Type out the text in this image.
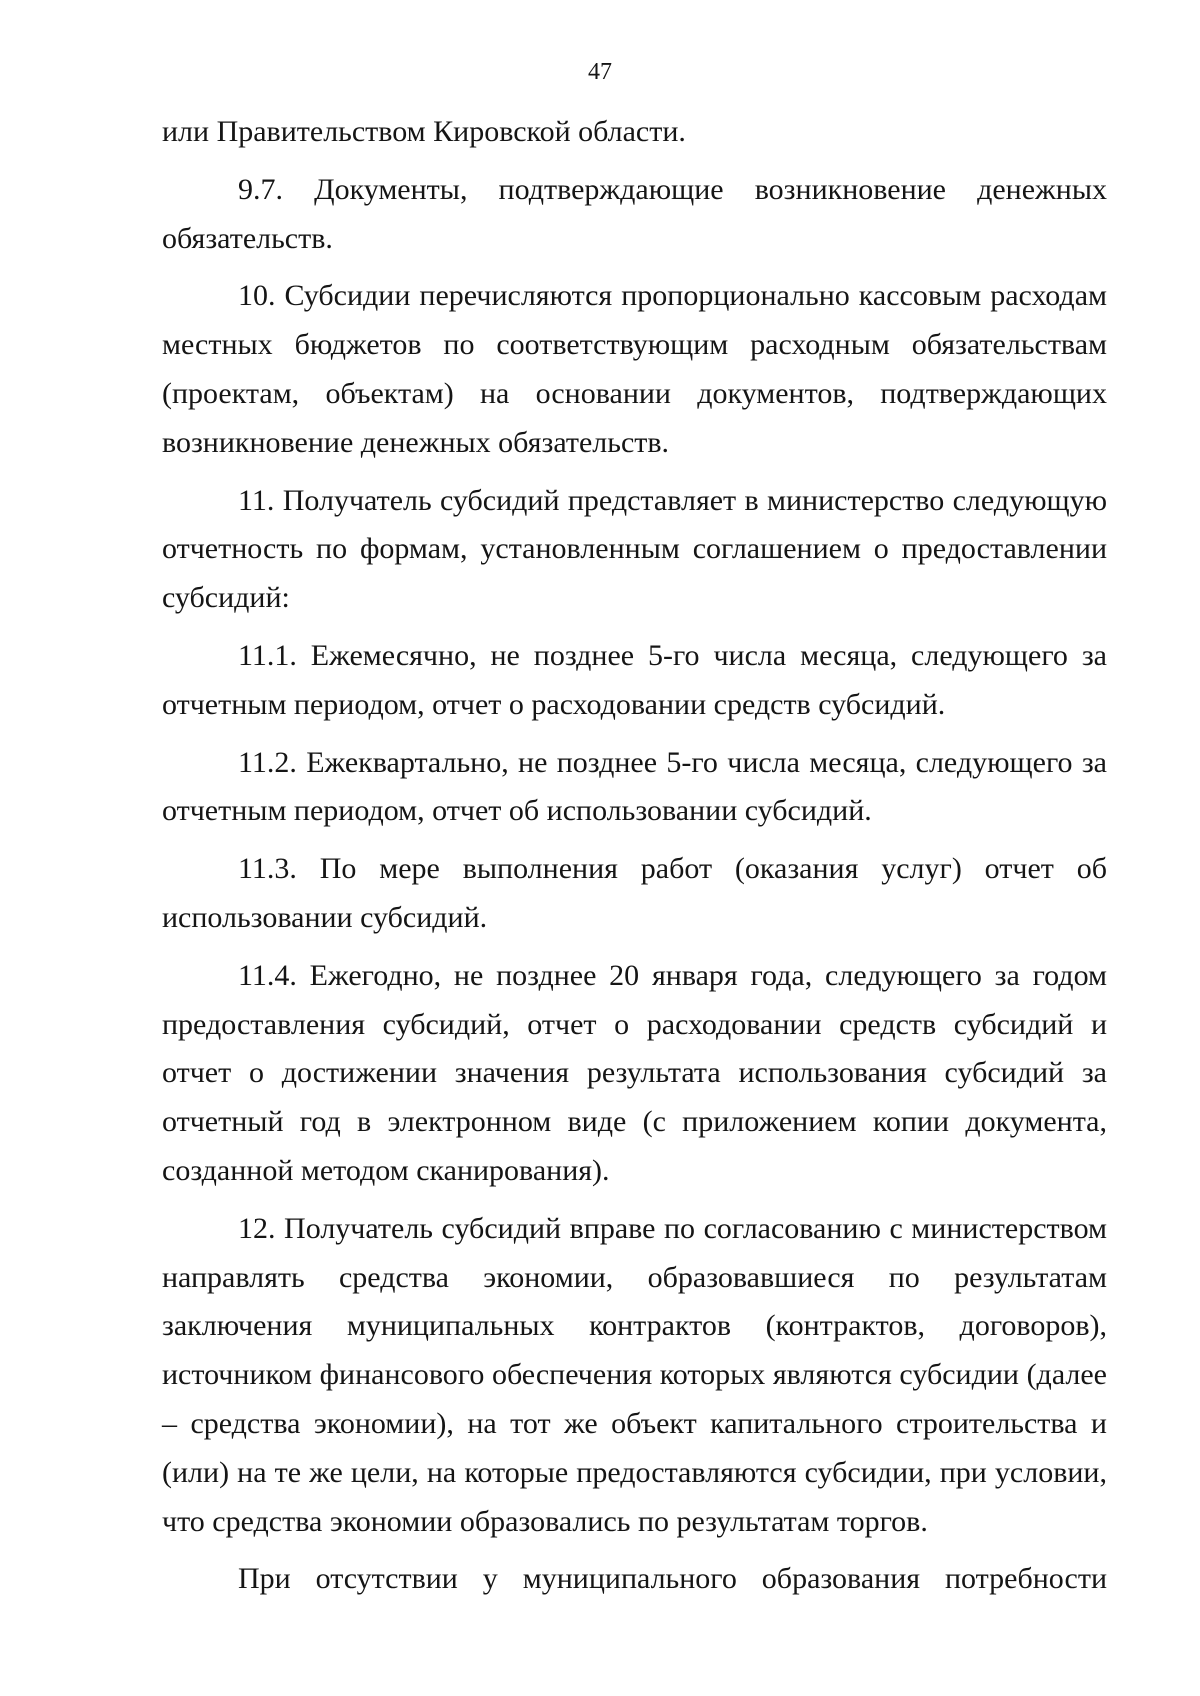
47

или Правительством Кировской области.

9.7. Документы, подтверждающие возникновение денежных обязательств.

10. Субсидии перечисляются пропорционально кассовым расходам местных бюджетов по соответствующим расходным обязательствам (проектам, объектам) на основании документов, подтверждающих возникновение денежных обязательств.

11. Получатель субсидий представляет в министерство следующую отчетность по формам, установленным соглашением о предоставлении субсидий:

11.1. Ежемесячно, не позднее 5-го числа месяца, следующего за отчетным периодом, отчет о расходовании средств субсидий.

11.2. Ежеквартально, не позднее 5-го числа месяца, следующего за отчетным периодом, отчет об использовании субсидий.

11.3. По мере выполнения работ (оказания услуг) отчет об использовании субсидий.

11.4. Ежегодно, не позднее 20 января года, следующего за годом предоставления субсидий, отчет о расходовании средств субсидий и отчет о достижении значения результата использования субсидий за отчетный год в электронном виде (с приложением копии документа, созданной методом сканирования).

12. Получатель субсидий вправе по согласованию с министерством направлять средства экономии, образовавшиеся по результатам заключения муниципальных контрактов (контрактов, договоров), источником финансового обеспечения которых являются субсидии (далее – средства экономии), на тот же объект капитального строительства и (или) на те же цели, на которые предоставляются субсидии, при условии, что средства экономии образовались по результатам торгов.

При отсутствии у муниципального образования потребности
